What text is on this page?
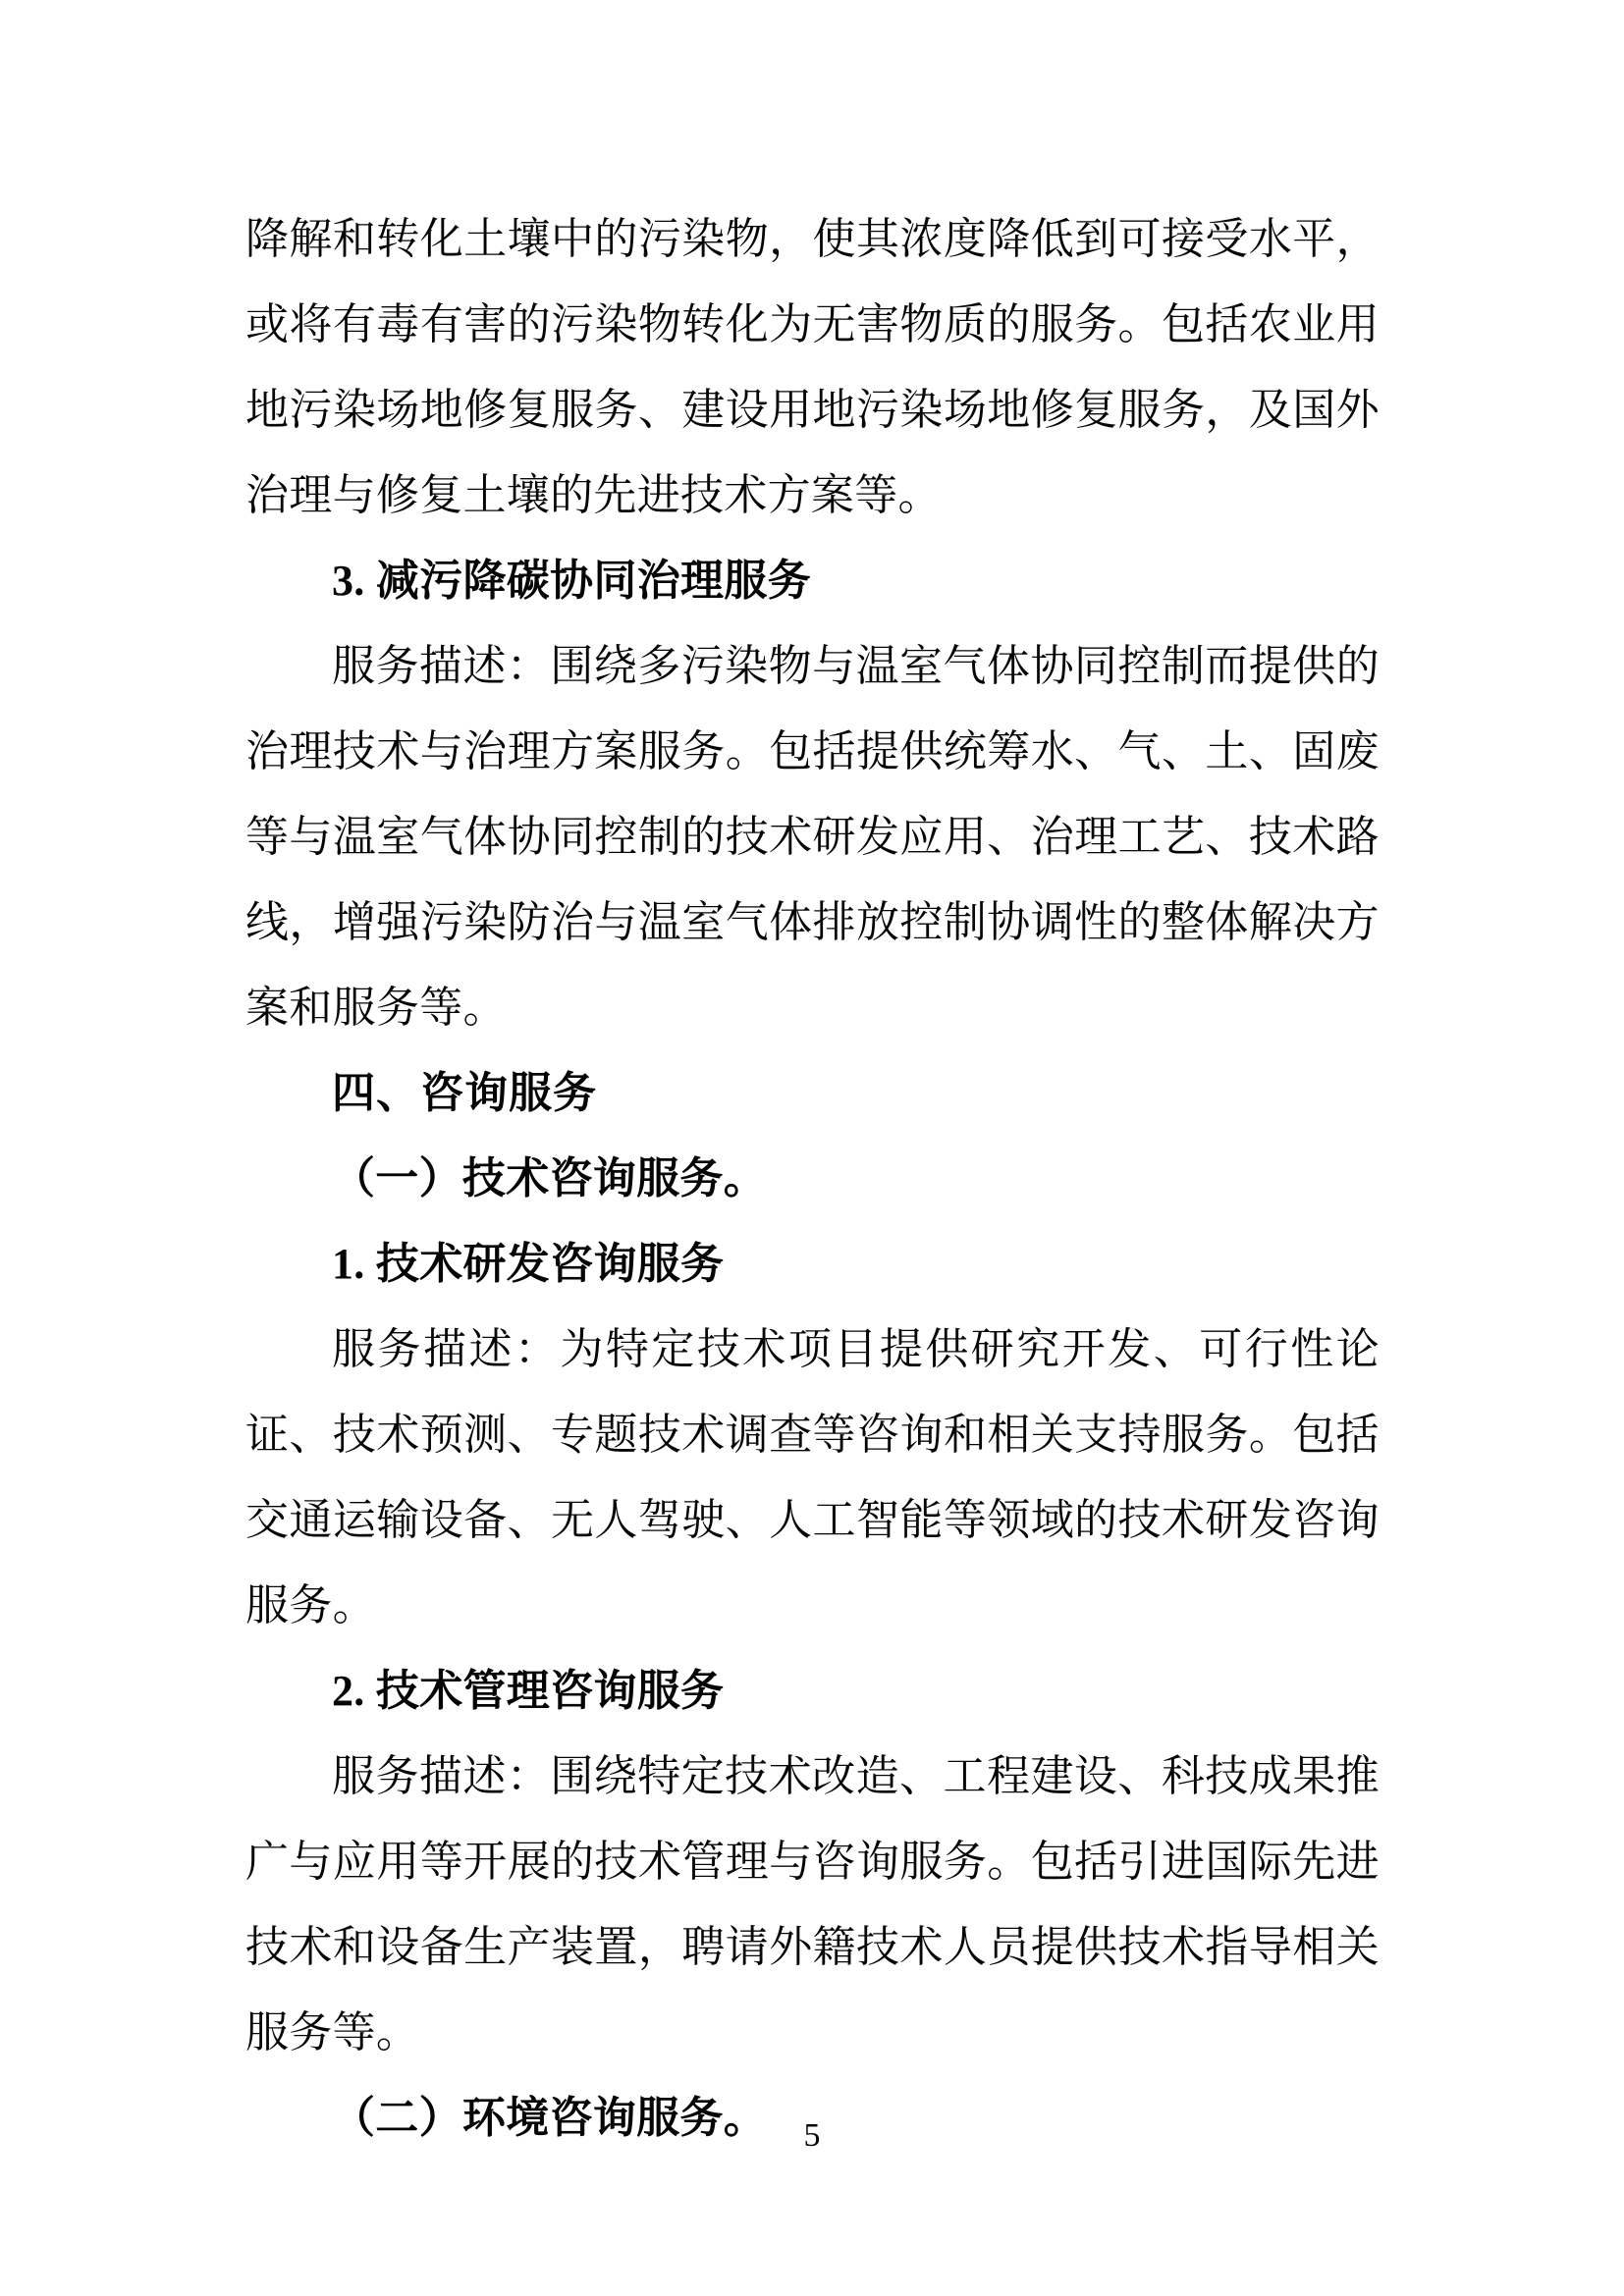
降解和转化土壤中的污染物，使其浓度降低到可接受水平，或将有毒有害的污染物转化为无害物质的服务。包括农业用地污染场地修复服务、建设用地污染场地修复服务，及国外治理与修复土壤的先进技术方案等。

3. 减污降碳协同治理服务

服务描述：围绕多污染物与温室气体协同控制而提供的治理技术与治理方案服务。包括提供统筹水、气、土、固废等与温室气体协同控制的技术研发应用、治理工艺、技术路线，增强污染防治与温室气体排放控制协调性的整体解决方案和服务等。

四、咨询服务

（一）技术咨询服务。

1. 技术研发咨询服务

服务描述：为特定技术项目提供研究开发、可行性论证、技术预测、专题技术调查等咨询和相关支持服务。包括交通运输设备、无人驾驶、人工智能等领域的技术研发咨询服务。

2. 技术管理咨询服务

服务描述：围绕特定技术改造、工程建设、科技成果推广与应用等开展的技术管理与咨询服务。包括引进国际先进技术和设备生产装置，聘请外籍技术人员提供技术指导相关服务等。

（二）环境咨询服务。	5
